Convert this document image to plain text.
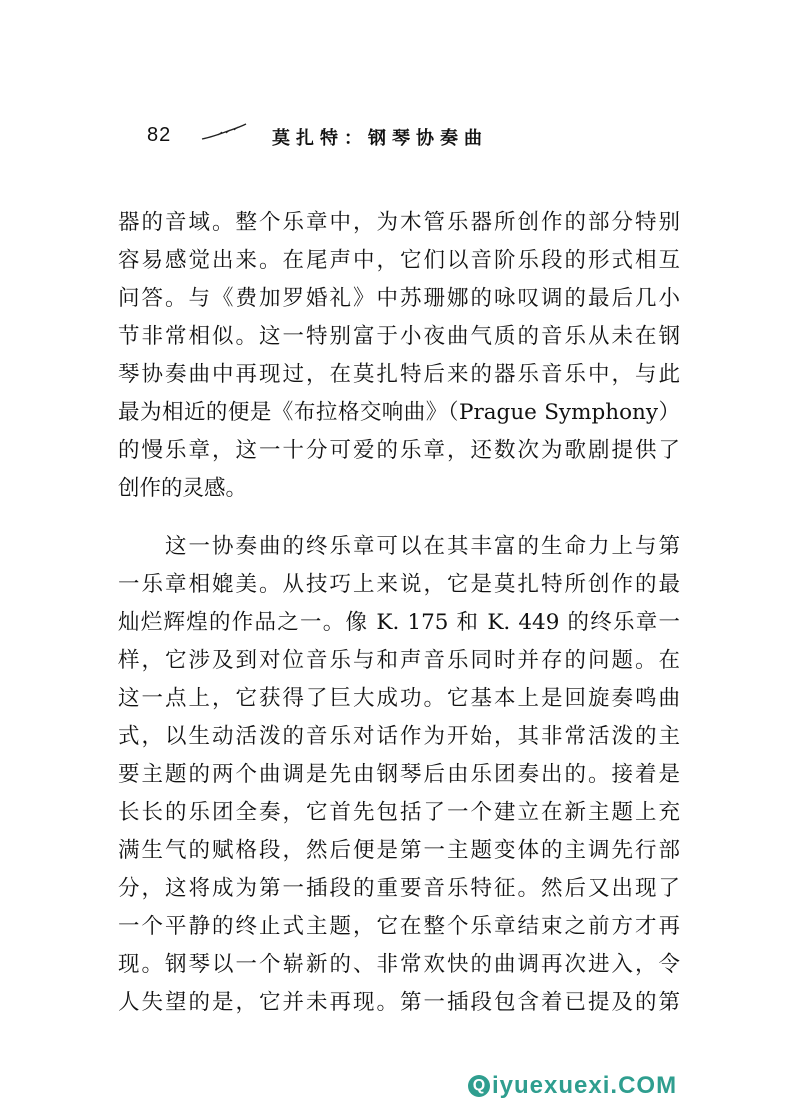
82	莫扎特：钢琴协奏曲
器的音域。整个乐章中，为木管乐器所创作的部分特别
容易感觉出来。在尾声中，它们以音阶乐段的形式相互
问答。与《费加罗婚礼》中苏珊娜的咏叹调的最后几小
节非常相似。这一特别富于小夜曲气质的音乐从未在钢
琴协奏曲中再现过，在莫扎特后来的器乐音乐中，与此
最为相近的便是《布拉格交响曲》（Prague Symphony）
的慢乐章，这一十分可爱的乐章，还数次为歌剧提供了
创作的灵感。
　　这一协奏曲的终乐章可以在其丰富的生命力上与第
一乐章相媲美。从技巧上来说，它是莫扎特所创作的最
灿烂辉煌的作品之一。像 K. 175 和 K. 449 的终乐章一
样，它涉及到对位音乐与和声音乐同时并存的问题。在
这一点上，它获得了巨大成功。它基本上是回旋奏鸣曲
式，以生动活泼的音乐对话作为开始，其非常活泼的主
要主题的两个曲调是先由钢琴后由乐团奏出的。接着是
长长的乐团全奏，它首先包括了一个建立在新主题上充
满生气的赋格段，然后便是第一主题变体的主调先行部
分，这将成为第一插段的重要音乐特征。然后又出现了
一个平静的终止式主题，它在整个乐章结束之前方才再
现。钢琴以一个崭新的、非常欢快的曲调再次进入，令
人失望的是，它并未再现。第一插段包含着已提及的第
Q iyuexuexi.COM
